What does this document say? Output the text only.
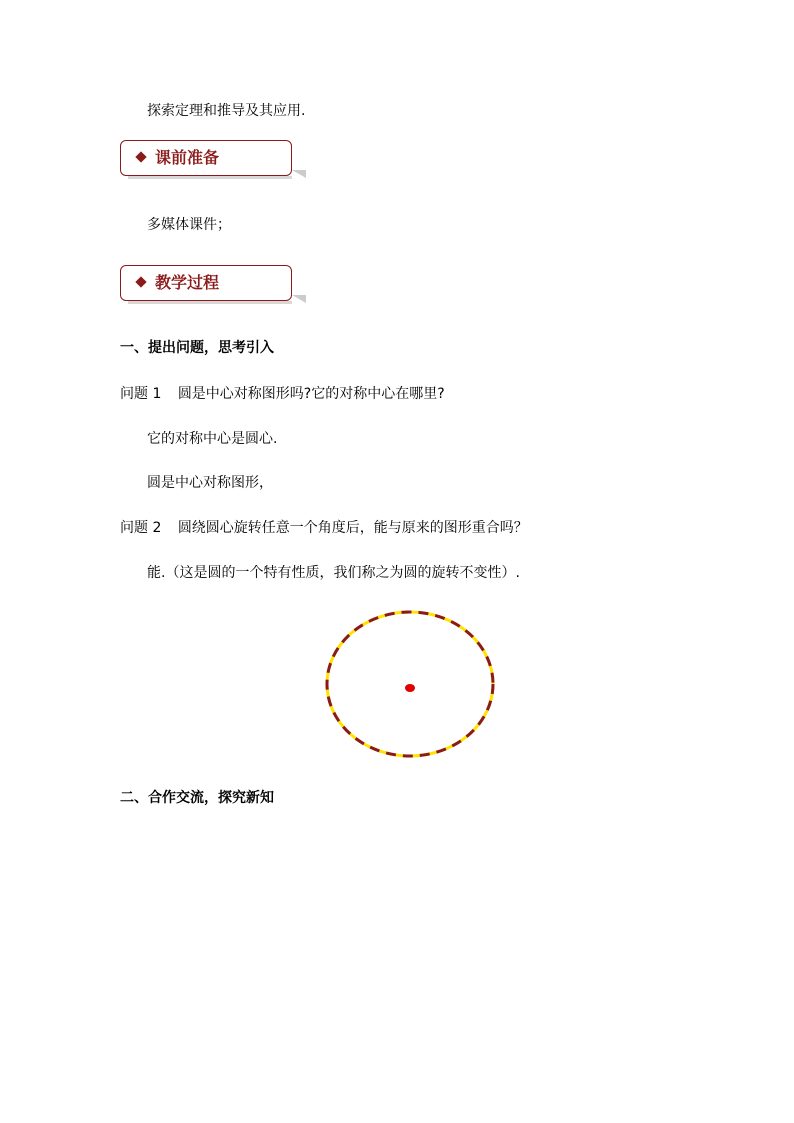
探索定理和推导及其应用.
课前准备
多媒体课件；
教学过程
一、提出问题，思考引入
问题 1 圆是中心对称图形吗?它的对称中心在哪里?
它的对称中心是圆心.
圆是中心对称图形，
问题 2 圆绕圆心旋转任意一个角度后，能与原来的图形重合吗？
能.（这是圆的一个特有性质，我们称之为圆的旋转不变性）.
二、合作交流，探究新知
